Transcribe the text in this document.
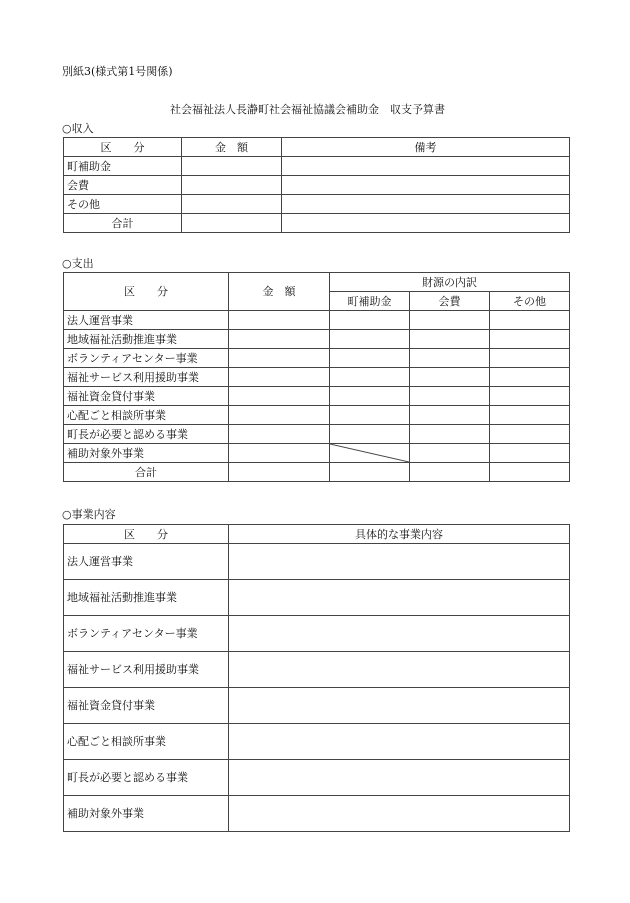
別紙3(様式第1号関係)
社会福祉法人長瀞町社会福祉協議会補助金　収支予算書
○収入
区　　分	金　額	備考
町補助金		
会費		
その他		
合計		
○支出
区　　分	金　額	財源の内訳		
		町補助金	会費	その他
法人運営事業				
地域福祉活動推進事業				
ボランティアセンター事業				
福祉サービス利用援助事業				
福祉資金貸付事業				
心配ごと相談所事業				
町長が必要と認める事業				
補助対象外事業		

合計				
○事業内容
区　　分	具体的な事業内容
法人運営事業	
地域福祉活動推進事業	
ボランティアセンター事業	
福祉サービス利用援助事業	
福祉資金貸付事業	
心配ごと相談所事業	
町長が必要と認める事業	
補助対象外事業	
